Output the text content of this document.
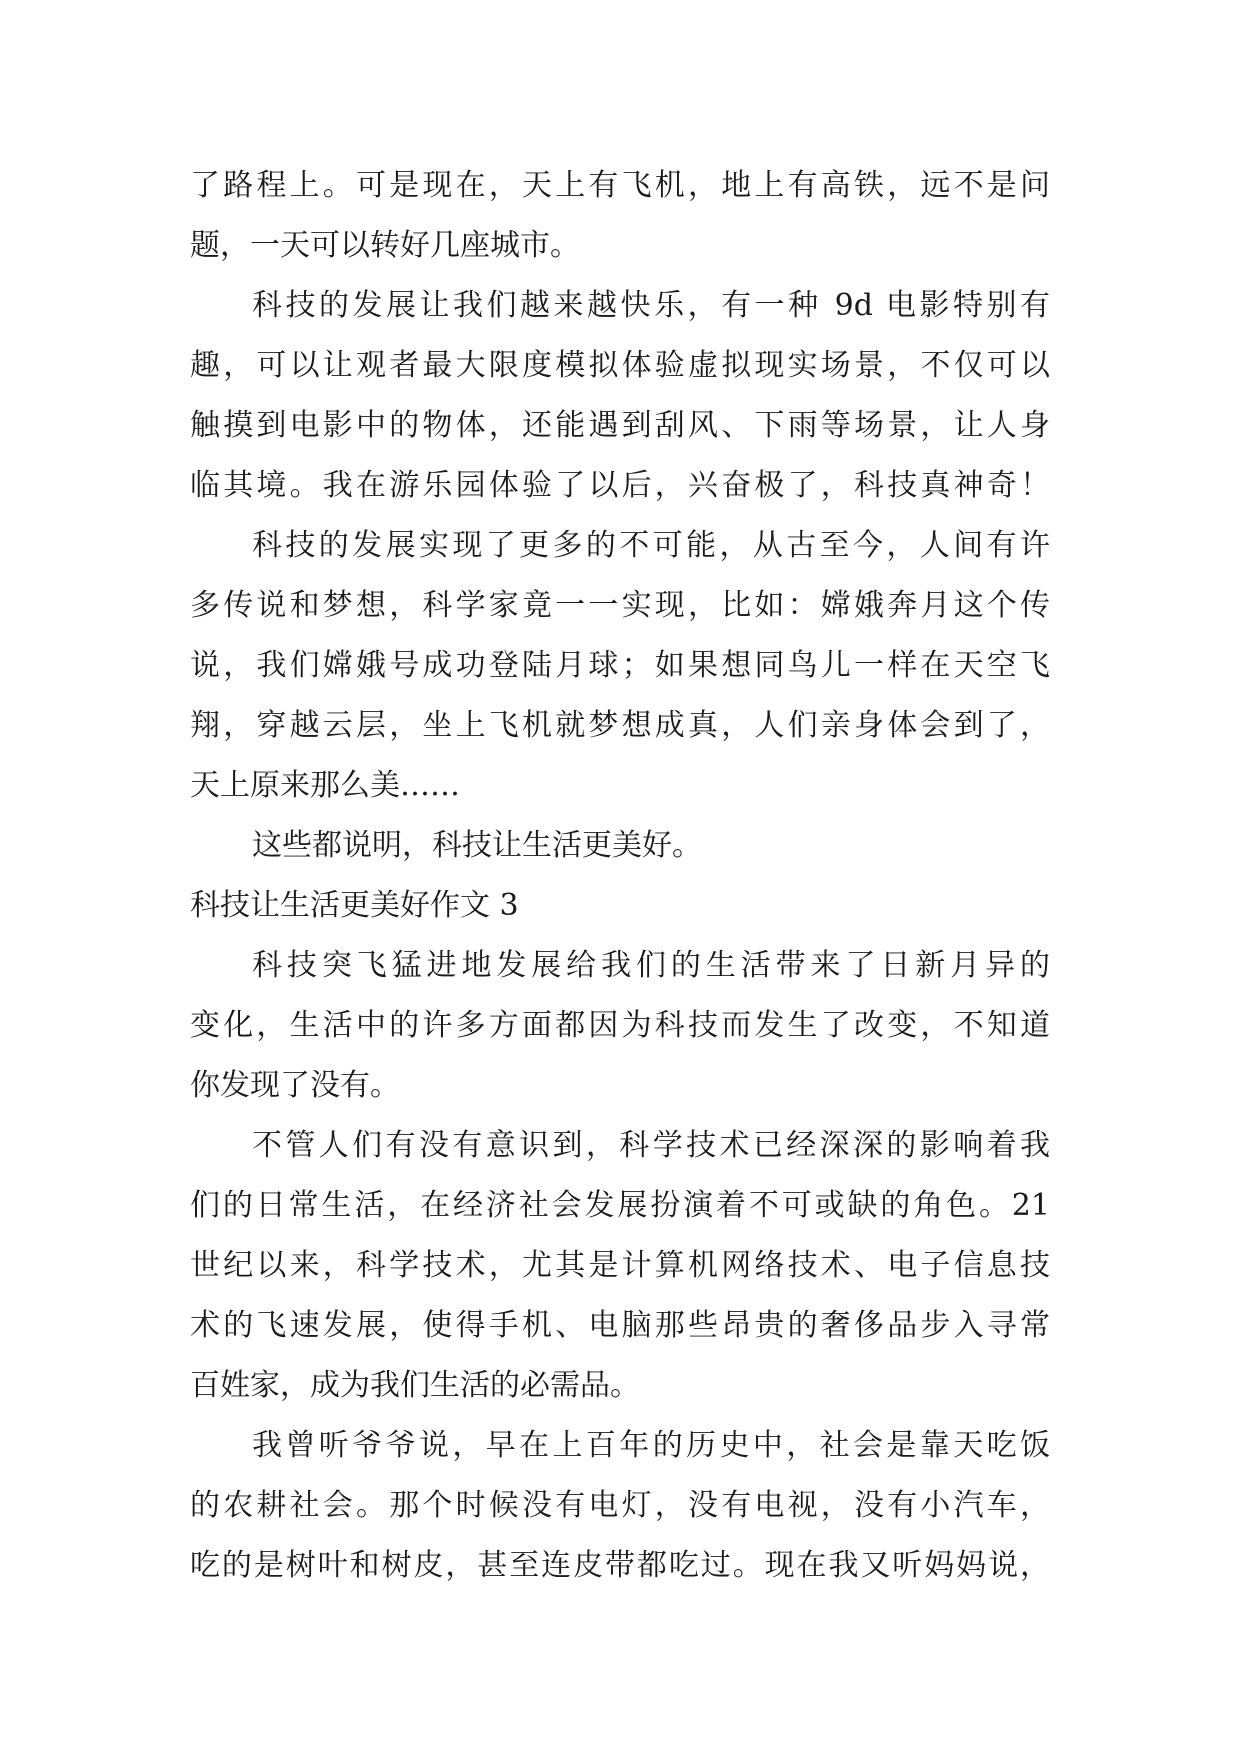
了路程上。可是现在，天上有飞机，地上有高铁，远不是问
题，一天可以转好几座城市。
科技的发展让我们越来越快乐，有一种 9d 电影特别有
趣，可以让观者最大限度模拟体验虚拟现实场景，不仅可以
触摸到电影中的物体，还能遇到刮风、下雨等场景，让人身
临其境。我在游乐园体验了以后，兴奋极了，科技真神奇！
科技的发展实现了更多的不可能，从古至今，人间有许
多传说和梦想，科学家竟一一实现，比如：嫦娥奔月这个传
说，我们嫦娥号成功登陆月球；如果想同鸟儿一样在天空飞
翔，穿越云层，坐上飞机就梦想成真，人们亲身体会到了，
天上原来那么美……
这些都说明，科技让生活更美好。
科技让生活更美好作文 3
科技突飞猛进地发展给我们的生活带来了日新月异的
变化，生活中的许多方面都因为科技而发生了改变，不知道
你发现了没有。
不管人们有没有意识到，科学技术已经深深的影响着我
们的日常生活，在经济社会发展扮演着不可或缺的角色。21
世纪以来，科学技术，尤其是计算机网络技术、电子信息技
术的飞速发展，使得手机、电脑那些昂贵的奢侈品步入寻常
百姓家，成为我们生活的必需品。
我曾听爷爷说，早在上百年的历史中，社会是靠天吃饭
的农耕社会。那个时候没有电灯，没有电视，没有小汽车，
吃的是树叶和树皮，甚至连皮带都吃过。现在我又听妈妈说，
